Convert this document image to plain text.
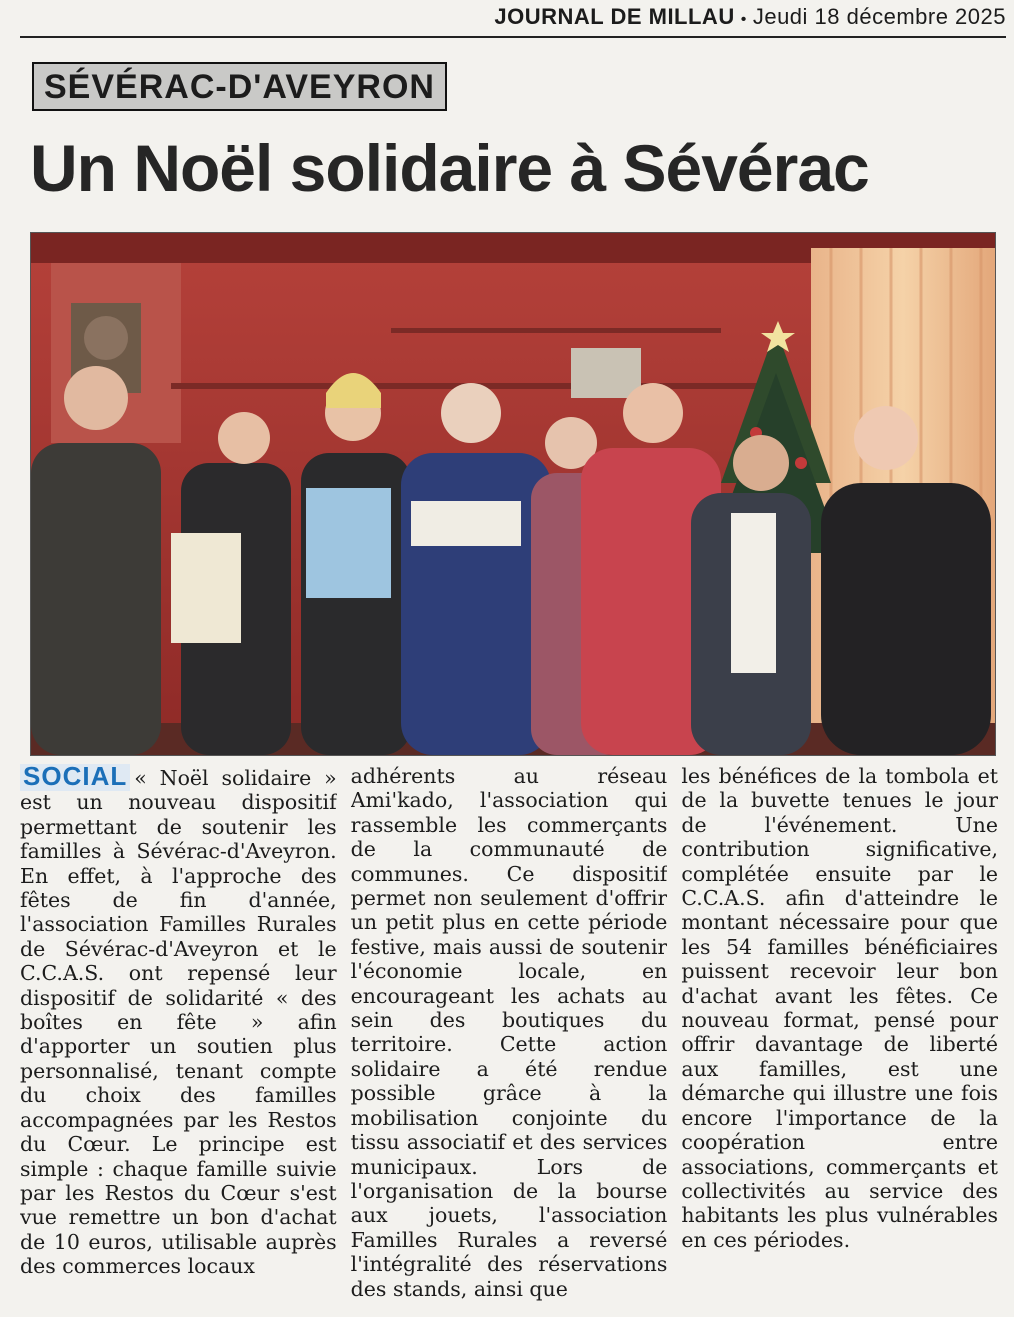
JOURNAL DE MILLAU • Jeudi 18 décembre 2025
SÉVÉRAC-D'AVEYRON
Un Noël solidaire à Sévérac
SOCIAL « Noël solidaire » est un nouveau dispositif permettant de soutenir les familles à Sévérac-d'Aveyron. En effet, à l'approche des fêtes de fin d'année, l'association Familles Rurales de Sévérac-d'Aveyron et le C.C.A.S. ont repensé leur dispositif de solidarité « des boîtes en fête » afin d'apporter un soutien plus personnalisé, tenant compte du choix des familles accompagnées par les Restos du Cœur. Le principe est simple : chaque famille suivie par les Restos du Cœur s'est vue remettre un bon d'achat de 10 euros, utilisable auprès des commerces locaux
adhérents au réseau Ami'kado, l'association qui rassemble les commerçants de la communauté de communes. Ce dispositif permet non seulement d'offrir un petit plus en cette période festive, mais aussi de soutenir l'économie locale, en encourageant les achats au sein des boutiques du territoire. Cette action solidaire a été rendue possible grâce à la mobilisation conjointe du tissu associatif et des services municipaux. Lors de l'organisation de la bourse aux jouets, l'association Familles Rurales a reversé l'intégralité des réservations des stands, ainsi que
les bénéfices de la tombola et de la buvette tenues le jour de l'événement. Une contribution significative, complétée ensuite par le C.C.A.S. afin d'atteindre le montant nécessaire pour que les 54 familles bénéficiaires puissent recevoir leur bon d'achat avant les fêtes. Ce nouveau format, pensé pour offrir davantage de liberté aux familles, est une démarche qui illustre une fois encore l'importance de la coopération entre associations, commerçants et collectivités au service des habitants les plus vulnérables en ces périodes.
